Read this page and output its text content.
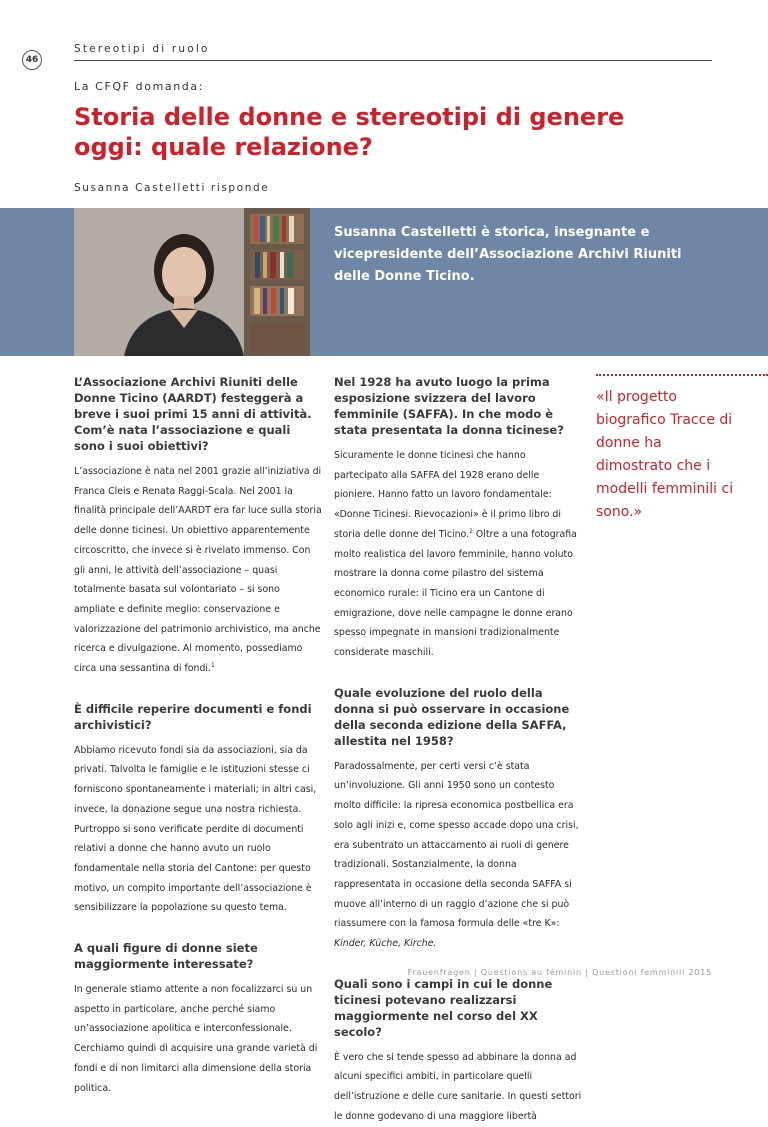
46
Stereotipi di ruolo
La CFQF domanda:
Storia delle donne e stereotipi di genere oggi: quale relazione?
Susanna Castelletti risponde
Susanna Castelletti è storica, insegnante e vicepresidente dell’Associazione Archivi Riuniti delle Donne Ticino.
L’Associazione Archivi Riuniti delle Donne Ticino (AARDT) festeggerà a breve i suoi primi 15 anni di attività. Com’è nata l’associazione e quali sono i suoi obiettivi?

L’associazione è nata nel 2001 grazie all’iniziativa di Franca Cleis e Renata Raggi-Scala. Nel 2001 la finalità principale dell’AARDT era far luce sulla storia delle donne ticinesi. Un obiettivo apparentemente circoscritto, che invece si è rivelato immenso. Con gli anni, le attività dell’associazione – quasi totalmente basata sul volontariato – si sono ampliate e definite meglio: conservazione e valorizzazione del patrimonio archivistico, ma anche ricerca e divulgazione. Al momento, possediamo circa una sessantina di fondi.$^1$

È difficile reperire documenti e fondi archivistici?

Abbiamo ricevuto fondi sia da associazioni, sia da privati. Talvolta le famiglie e le istituzioni stesse ci forniscono spontaneamente i materiali; in altri casi, invece, la donazione segue una nostra richiesta. Purtroppo si sono verificate perdite di documenti relativi a donne che hanno avuto un ruolo fondamentale nella storia del Cantone: per questo motivo, un compito importante dell’associazione è sensibilizzare la popolazione su questo tema.

A quali figure di donne siete maggiormente interessate?

In generale stiamo attente a non focalizzarci su un aspetto in particolare, anche perché siamo un’associazione apolitica e interconfessionale. Cerchiamo quindi di acquisire una grande varietà di fondi e di non limitarci alla dimensione della storia politica.

Nel 1928 ha avuto luogo la prima esposizione svizzera del lavoro femminile (SAFFA). In che modo è stata presentata la donna ticinese?

Sicuramente le donne ticinesi che hanno partecipato alla SAFFA del 1928 erano delle pioniere. Hanno fatto un lavoro fondamentale: «Donne Ticinesi. Rievocazioni» è il primo libro di storia delle donne del Ticino.$^2$ Oltre a una fotografia molto realistica del lavoro femminile, hanno voluto mostrare la donna come pilastro del sistema economico rurale: il Ticino era un Cantone di emigrazione, dove nelle campagne le donne erano spesso impegnate in mansioni tradizionalmente considerate maschili.

Quale evoluzione del ruolo della donna si può osservare in occasione della seconda edizione della SAFFA, allestita nel 1958?

Paradossalmente, per certi versi c’è stata un’involuzione. Gli anni 1950 sono un contesto molto difficile: la ripresa economica postbellica era solo agli inizi e, come spesso accade dopo una crisi, era subentrato un attaccamento ai ruoli di genere tradizionali. Sostanzialmente, la donna rappresentata in occasione della seconda SAFFA si muove all’interno di un raggio d’azione che si può riassumere con la famosa formula delle «tre K»: Kinder, Küche, Kirche.

Quali sono i campi in cui le donne ticinesi potevano realizzarsi maggiormente nel corso del XX secolo?

È vero che si tende spesso ad abbinare la donna ad alcuni specifici ambiti, in particolare quelli dell’istruzione e delle cure sanitarie. In questi settori le donne godevano di una maggiore libertà

«Il progetto biografico Tracce di donne ha dimostrato che i modelli femminili ci sono.»
Frauenfragen | Questions au féminin | Questioni femminili 2015
